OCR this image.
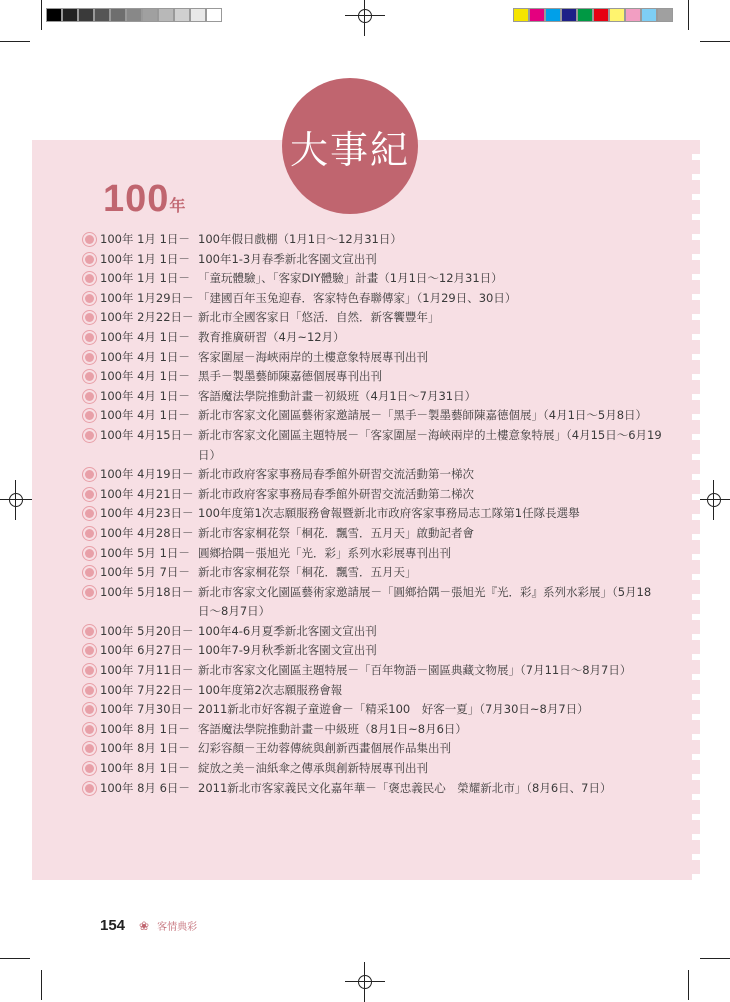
大事紀
100年
100年 1月 1日－ 100年假日戲棚（1月1日～12月31日）
100年 1月 1日－ 100年1-3月春季新北客園文宣出刊
100年 1月 1日－ 「童玩體驗」、「客家DIY體驗」計畫（1月1日～12月31日）
100年 1月29日－ 「建國百年玉兔迎春．客家特色春聯傳家」（1月29日、30日）
100年 2月22日－ 新北市全國客家日「悠活．自然．新客饗豐年」
100年 4月 1日－ 教育推廣研習（4月~12月）
100年 4月 1日－ 客家圍屋－海峽兩岸的土樓意象特展專刊出刊
100年 4月 1日－ 黑手－製墨藝師陳嘉德個展專刊出刊
100年 4月 1日－ 客語魔法學院推動計畫－初級班（4月1日～7月31日）
100年 4月 1日－ 新北市客家文化園區藝術家邀請展－「黑手－製墨藝師陳嘉德個展」（4月1日～5月8日）
100年 4月15日－ 新北市客家文化園區主題特展－「客家圍屋－海峽兩岸的土樓意象特展」（4月15日～6月19日）
100年 4月19日－ 新北市政府客家事務局春季館外研習交流活動第一梯次
100年 4月21日－ 新北市政府客家事務局春季館外研習交流活動第二梯次
100年 4月23日－ 100年度第1次志願服務會報暨新北市政府客家事務局志工隊第1任隊長選舉
100年 4月28日－ 新北市客家桐花祭「桐花．飄雪．五月天」啟動記者會
100年 5月 1日－ 圓鄉拾隅－張旭光「光．彩」系列水彩展專刊出刊
100年 5月 7日－ 新北市客家桐花祭「桐花．飄雪．五月天」
100年 5月18日－ 新北市客家文化園區藝術家邀請展－「圓鄉拾隅－張旭光『光．彩』系列水彩展」（5月18日～8月7日）
100年 5月20日－ 100年4-6月夏季新北客園文宣出刊
100年 6月27日－ 100年7-9月秋季新北客園文宣出刊
100年 7月11日－ 新北市客家文化園區主題特展－「百年物語－園區典藏文物展」（7月11日～8月7日）
100年 7月22日－ 100年度第2次志願服務會報
100年 7月30日－ 2011新北市好客親子童遊會－「精采100　好客一夏」（7月30日~8月7日）
100年 8月 1日－ 客語魔法學院推動計畫－中級班（8月1日~8月6日）
100年 8月 1日－ 幻彩容顏－王幼蓉傳統與創新西畫個展作品集出刊
100年 8月 1日－ 綻放之美－油紙傘之傳承與創新特展專刊出刊
100年 8月 6日－ 2011新北市客家義民文化嘉年華－「褒忠義民心　榮耀新北市」（8月6日、7日）
154 ❀ 客情典彩
